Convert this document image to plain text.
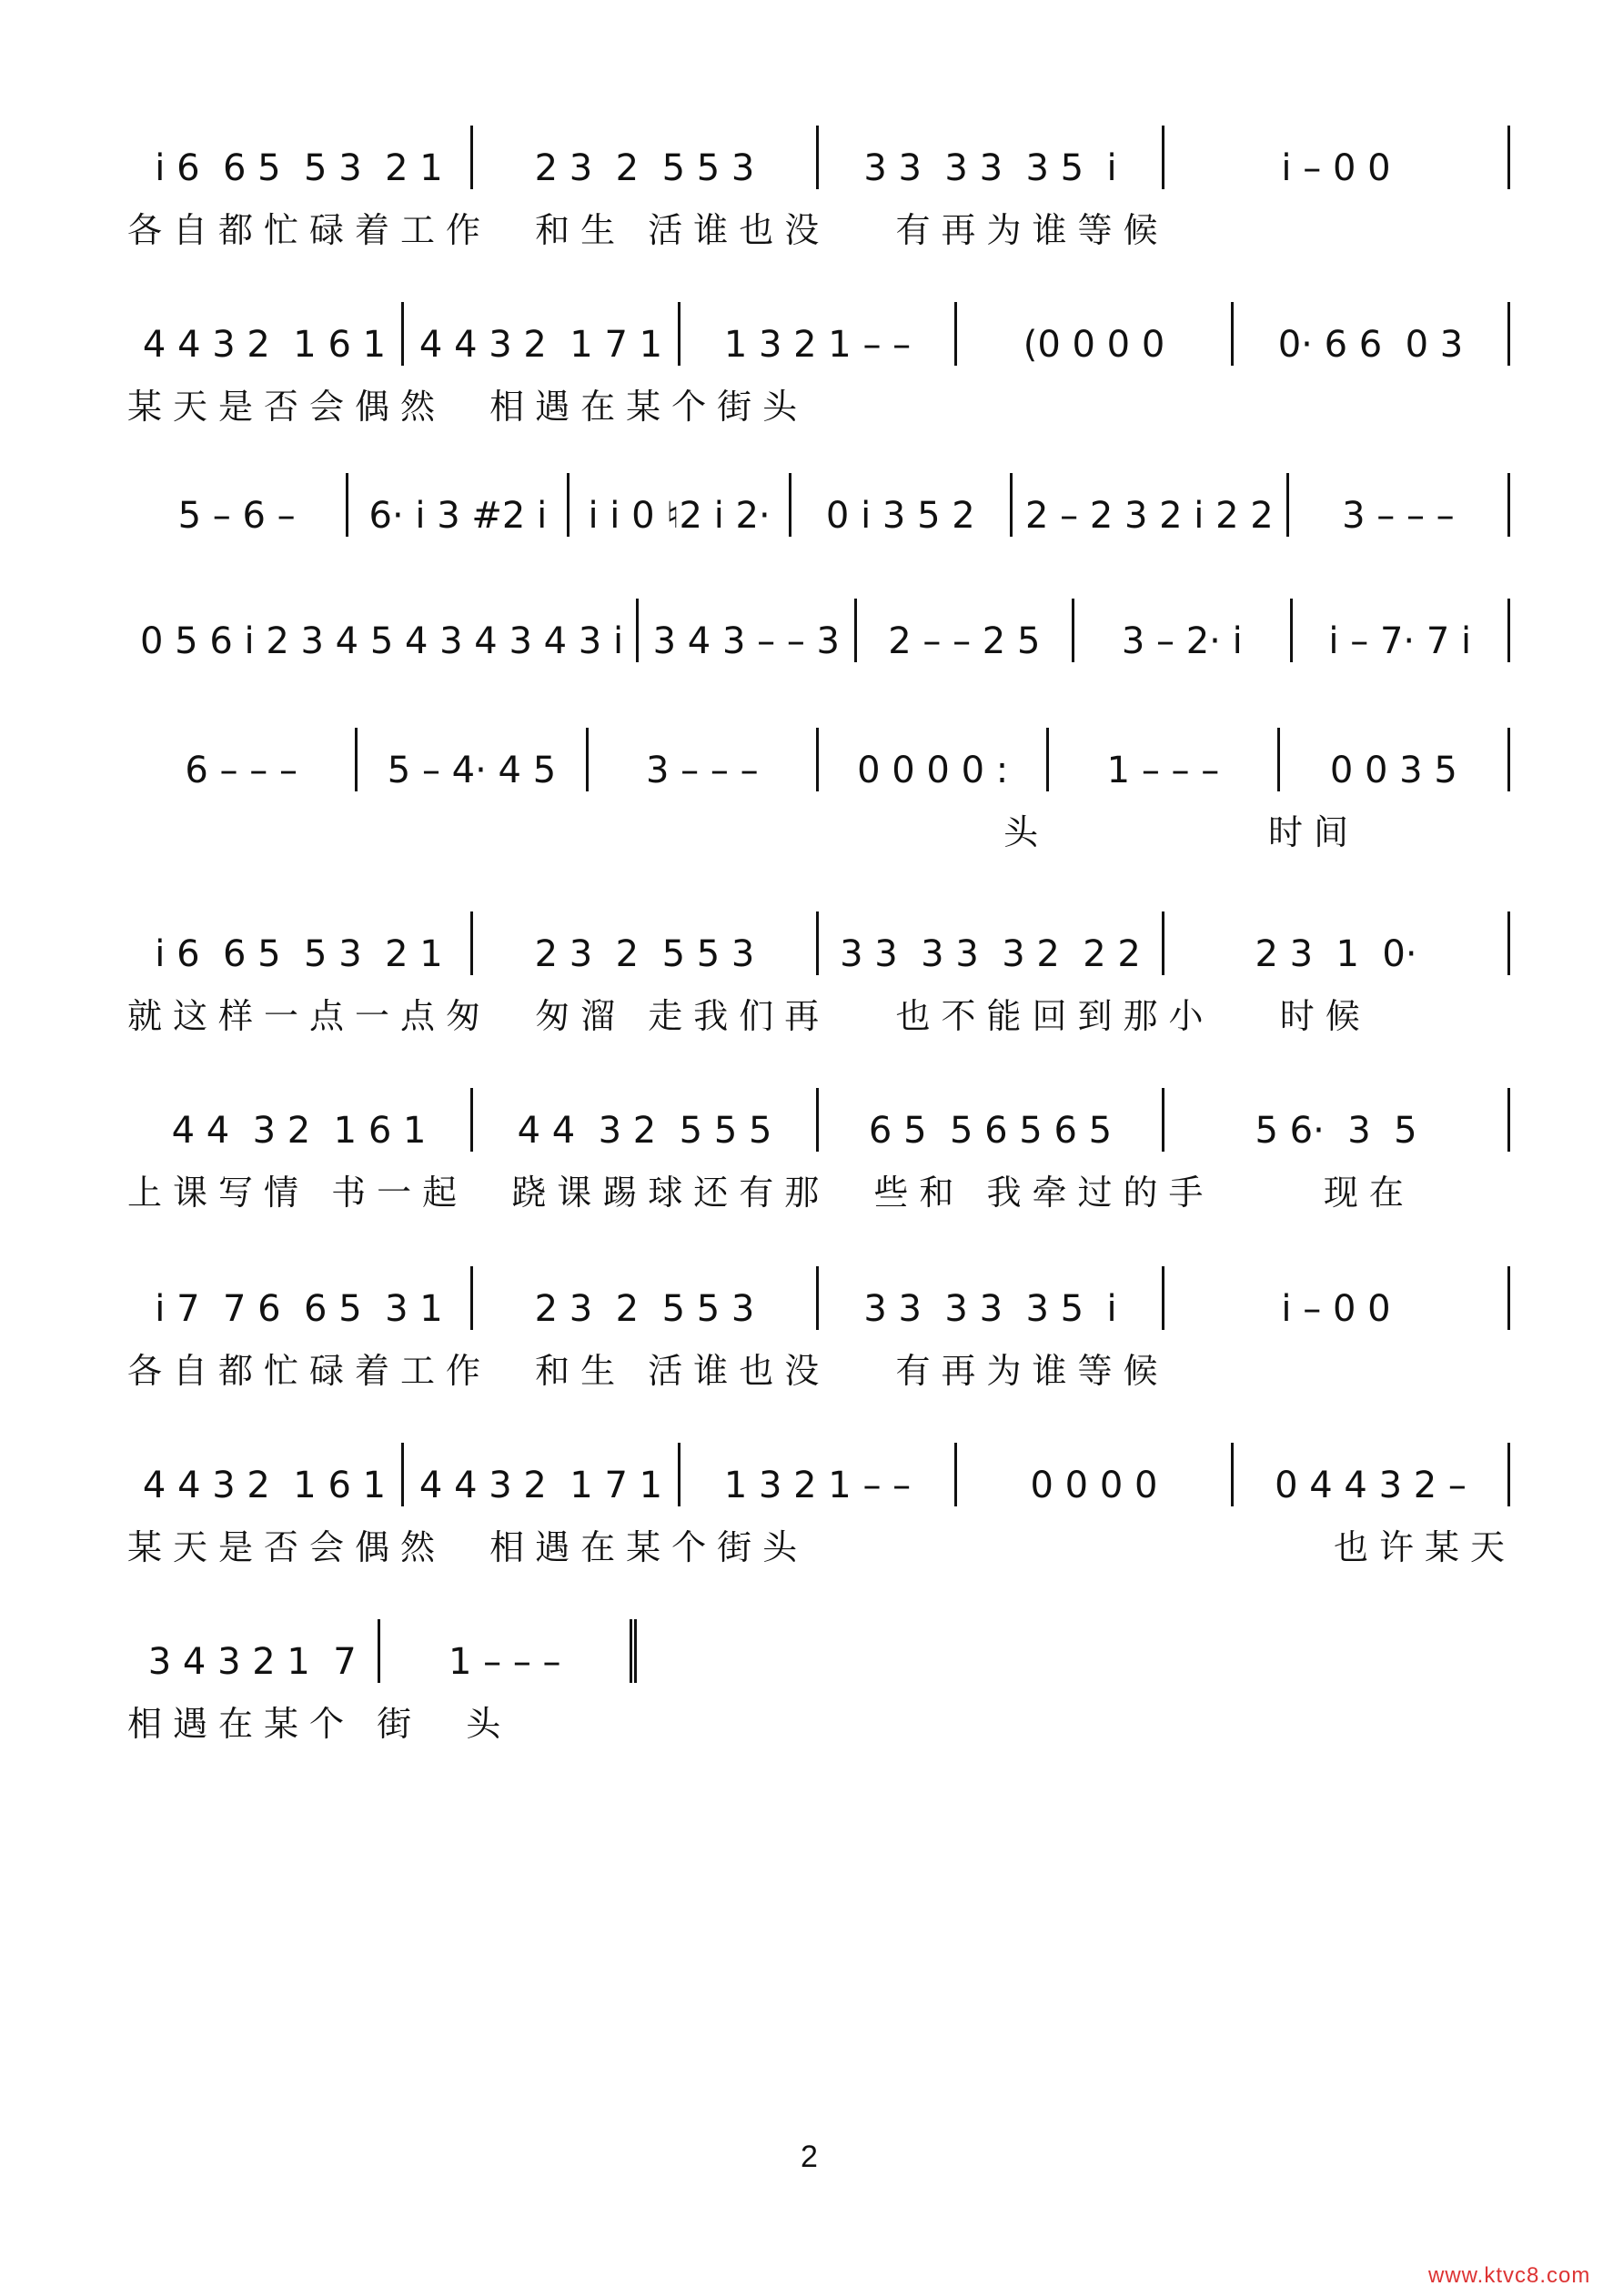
i̇ 6  6 5  5 3  2 1	2 3  2  5 5 3	3 3  3 3  3 5  i̇	i̇ – 0 0
各自都忙碌着工作  和生 活谁也没   有再为谁等候
4 4 3 2  1 6 1 4 4 3 2  1 7 1	1 3 2 1 – –	(0 0 0 0	0· 6 6  0 3
某天是否会偶然  相遇在某个街头
5 – 6 –	6· i 3 #2 i	i i 0 ♮2 i 2·	0 i 3 5 2	2 – 2 3 2 i 2 2	3 – – –
0 5 6 i 2 3 4 5 4 3 4 3 4 3 i 3 4 3 – – 3	2 – – 2 5	3 – 2· i	i – 7· 7 i
6 – – –	5 – 4· 4 5	3 – – –	0 0 0 0 :	1 – – –	0 0 3 5
头          时间
i 6  6 5  5 3  2 1	2 3  2  5 5 3	3 3  3 3  3 2  2 2	2 3  1  0·
就这样一点一点匆  匆溜 走我们再   也不能回到那小   时候
4 4  3 2  1 6 1	4 4  3 2  5 5 5	6 5  5 6 5 6 5	5 6·  3  5
上课写情 书一起  跷课踢球还有那  些和 我牵过的手     现在
i 7  7 6  6 5  3 1	2 3  2  5 5 3	3 3  3 3  3 5  i	i – 0 0
各自都忙碌着工作  和生 活谁也没   有再为谁等候
4 4 3 2  1 6 1 4 4 3 2  1 7 1	1 3 2 1 – –	0 0 0 0	0 4 4 3 2 –
某天是否会偶然  相遇在某个街头                        也许某天
3 4 3 2 1  7	1 – – –
相遇在某个 街  头
2
www.ktvc8.com
